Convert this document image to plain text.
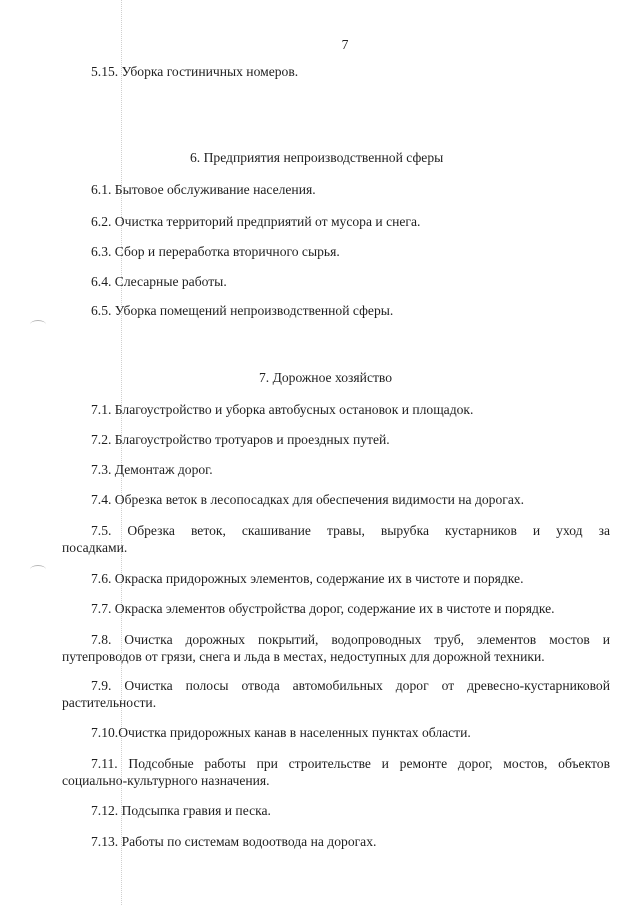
7
5.15. Уборка гостиничных номеров.
6. Предприятия непроизводственной сферы
6.1. Бытовое обслуживание населения.
6.2. Очистка территорий предприятий от мусора и снега.
6.3. Сбор и переработка вторичного сырья.
6.4. Слесарные работы.
6.5. Уборка помещений непроизводственной сферы.
7. Дорожное хозяйство
7.1. Благоустройство и уборка автобусных остановок и площадок.
7.2. Благоустройство тротуаров и проездных путей.
7.3. Демонтаж дорог.
7.4. Обрезка веток в лесопосадках для обеспечения видимости на дорогах.
7.5. Обрезка веток, скашивание травы, вырубка кустарников и уход за
посадками.
7.6. Окраска придорожных элементов, содержание их в чистоте и порядке.
7.7. Окраска элементов обустройства дорог, содержание их в чистоте и порядке.
7.8. Очистка дорожных покрытий, водопроводных труб, элементов мостов и
путепроводов от грязи, снега и льда в местах, недоступных для дорожной техники.
7.9. Очистка полосы отвода автомобильных дорог от древесно-кустарниковой
растительности.
7.10.Очистка придорожных канав в населенных пунктах области.
7.11. Подсобные работы при строительстве и ремонте дорог, мостов, объектов
социально-культурного назначения.
7.12. Подсыпка гравия и песка.
7.13. Работы по системам водоотвода на дорогах.
